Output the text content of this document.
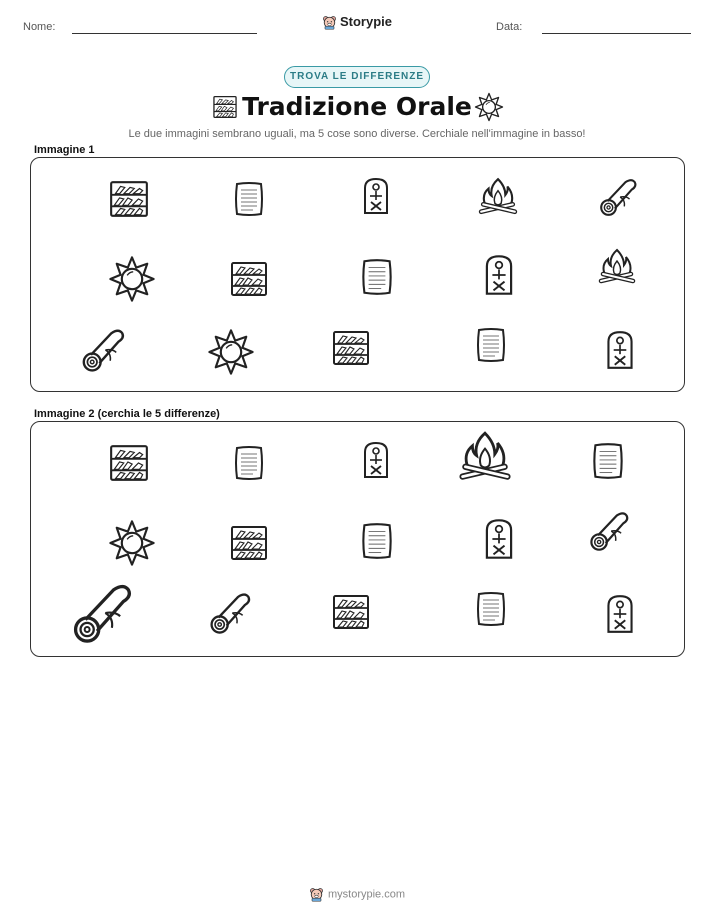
Nome:	Storypie	Data:
TROVA LE DIFFERENZE
Tradizione Orale
Le due immagini sembrano uguali, ma 5 cose sono diverse. Cerchiale nell'immagine in basso!
Immagine 1
Immagine 2 (cerchia le 5 differenze)
mystorypie.com
